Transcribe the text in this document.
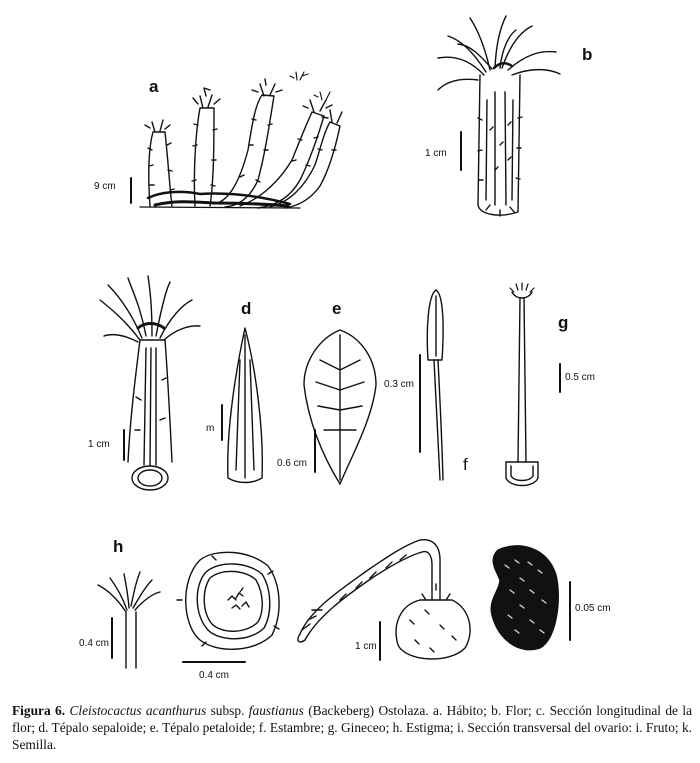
a
b
d	e
f
g
h
9 cm
1 cm
1 cm
m
0.6 cm
0.3 cm
0.5 cm
0.4 cm
0.4 cm
1 cm
0.05 cm
Figura 6. Cleistocactus acanthurus subsp. faustianus (Backeberg) Ostolaza. a. Hábito; b. Flor; c. Sección longitudinal de la flor; d. Tépalo sepaloide; e. Tépalo petaloide; f. Estambre; g. Gineceo; h. Estigma; i. Sección transversal del ovario: i. Fruto; k. Semilla.
